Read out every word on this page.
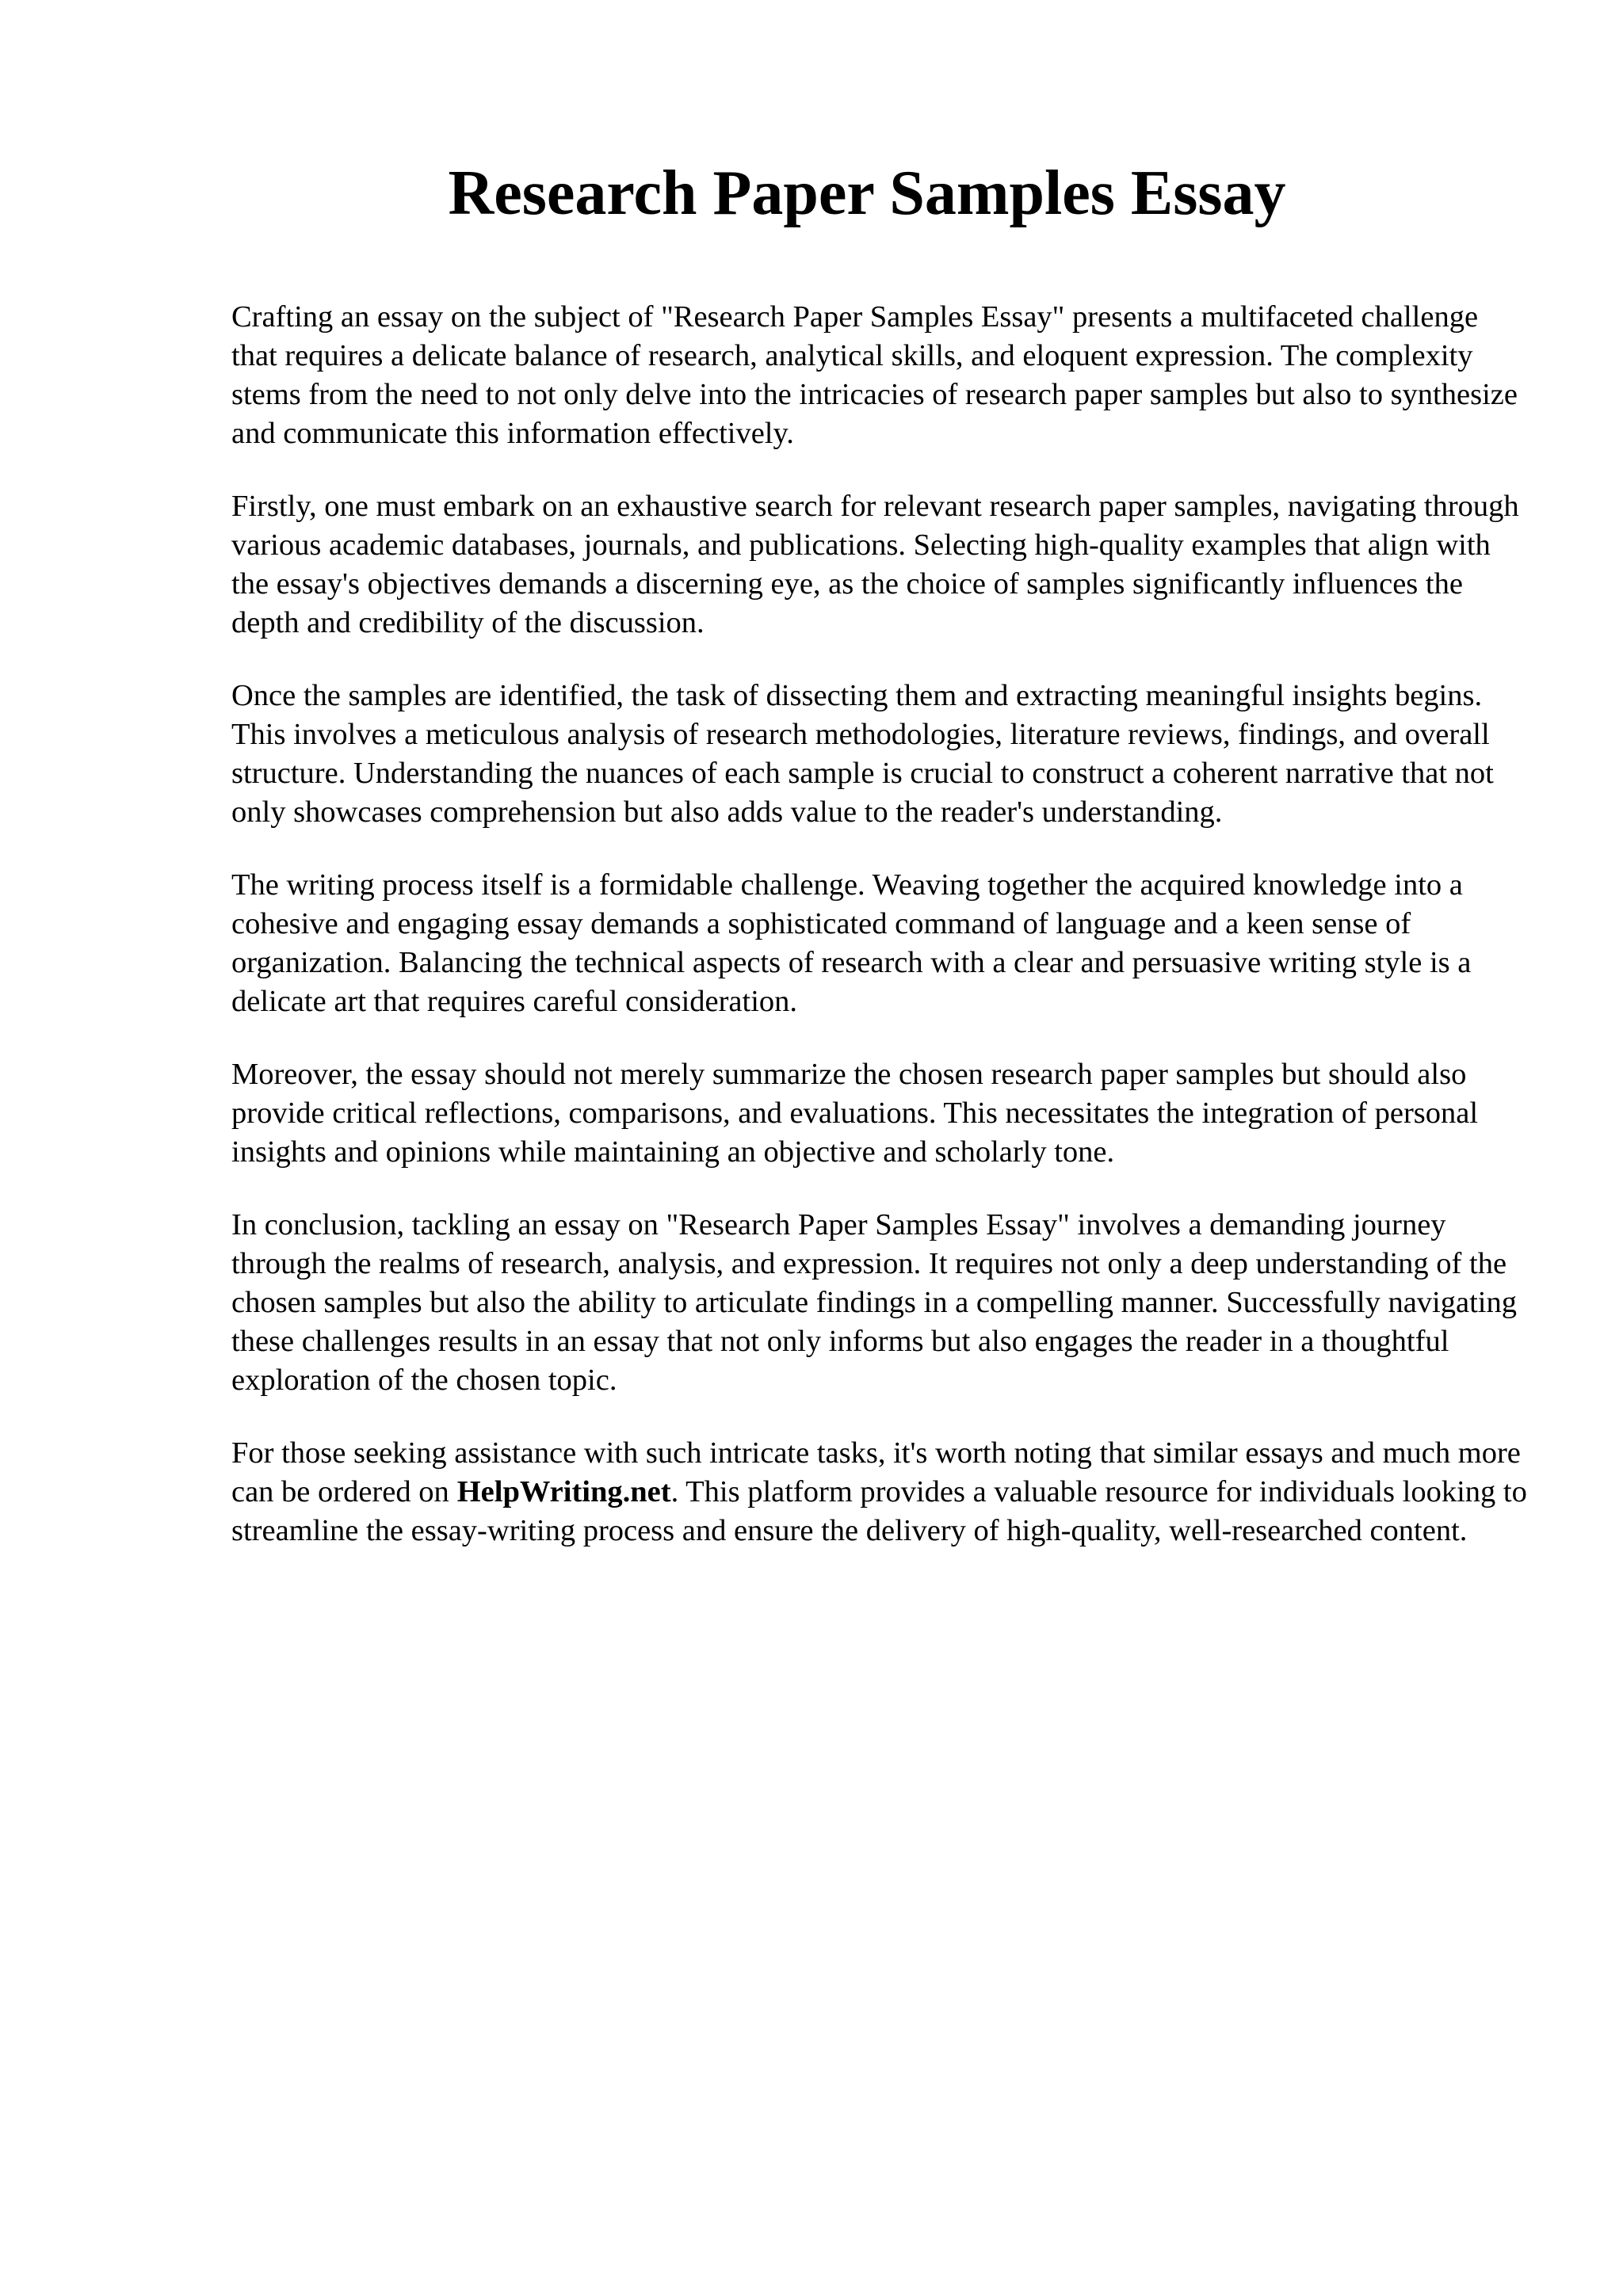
Research Paper Samples Essay

Crafting an essay on the subject of "Research Paper Samples Essay" presents a multifaceted challenge that requires a delicate balance of research, analytical skills, and eloquent expression. The complexity stems from the need to not only delve into the intricacies of research paper samples but also to synthesize and communicate this information effectively.

Firstly, one must embark on an exhaustive search for relevant research paper samples, navigating through various academic databases, journals, and publications. Selecting high-quality examples that align with the essay's objectives demands a discerning eye, as the choice of samples significantly influences the depth and credibility of the discussion.

Once the samples are identified, the task of dissecting them and extracting meaningful insights begins. This involves a meticulous analysis of research methodologies, literature reviews, findings, and overall structure. Understanding the nuances of each sample is crucial to construct a coherent narrative that not only showcases comprehension but also adds value to the reader's understanding.

The writing process itself is a formidable challenge. Weaving together the acquired knowledge into a cohesive and engaging essay demands a sophisticated command of language and a keen sense of organization. Balancing the technical aspects of research with a clear and persuasive writing style is a delicate art that requires careful consideration.

Moreover, the essay should not merely summarize the chosen research paper samples but should also provide critical reflections, comparisons, and evaluations. This necessitates the integration of personal insights and opinions while maintaining an objective and scholarly tone.

In conclusion, tackling an essay on "Research Paper Samples Essay" involves a demanding journey through the realms of research, analysis, and expression. It requires not only a deep understanding of the chosen samples but also the ability to articulate findings in a compelling manner. Successfully navigating these challenges results in an essay that not only informs but also engages the reader in a thoughtful exploration of the chosen topic.

For those seeking assistance with such intricate tasks, it's worth noting that similar essays and much more can be ordered on HelpWriting.net. This platform provides a valuable resource for individuals looking to streamline the essay-writing process and ensure the delivery of high-quality, well-researched content.
